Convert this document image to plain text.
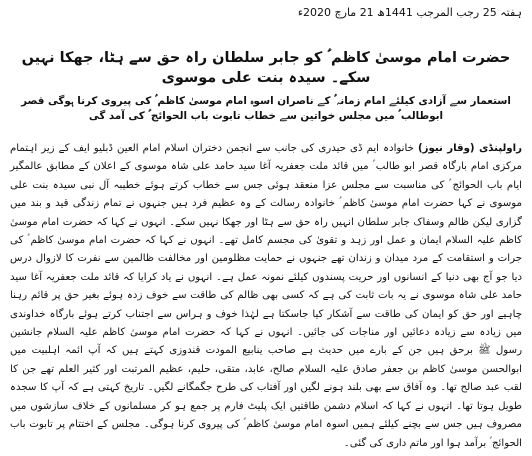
ہفتہ 25 رجب المرجب 1441ھ 21 مارچ 2020ء
حضرت امام موسیٰ کاظم ؑ کو جابر سلطان راہ حق سے ہٹا، جھکا نہیں سکے۔ سیدہ بنت علی موسوی
استعمار سے آزادی کیلئے امام زمانہ ؑ کے ناصران اسوہ امام موسیٰ کاظم ؑ کی پیروی کرنا ہوگی قصر ابوطالب ؑ میں مجلس خواتین سے خطاب تابوت باب الحوائج ؑ کی آمد گی
راولپنڈی (وقار نیوز) خانوادہ ایم ڈی حیدری کی جانب سے انجمن دختران اسلام امام العین ڈبلیو ایف کے زیر اہتمام مرکزی امام بارگاہ قصر ابو طالب ؑ میں قائد ملت جعفریہ آغا سید حامد علی شاہ موسوی کے اعلان کے مطابق عالمگیر ایام باب الحوائج ؑ کی مناسبت سے مجلس عزا منعقد ہوئی جس سے خطاب کرتے ہوئے خطیبہ آل نبی سیدہ بنت علی موسوی نے کہا حضرت امام موسیٰ کاظم ؑ خانوادہ رسالت کے وہ عظیم فرد ہیں جنہوں نے تمام زندگی قید و بند میں گزاری لیکن ظالم وسفاک جابر سلطان انہیں راہ حق سے ہٹا اور جھکا نہیں سکے۔ انہوں نے کہا کہ حضرت امام موسیٰ کاظم علیہ السلام ایمان و عمل اور زہد و تقویٰ کی مجسم کامل تھے۔ انہوں نے کہا کہ حضرت امام موسیٰ کاظم ؑ کی جرات و استقامت کے مرد میدان و زندان تھے جنہوں نے حمایت مظلومین اور مخالفت ظالمین سے نفرت کا لازوال درس دیا جو آج بھی دنیا کے انسانوں اور حریت پسندوں کیلئے نمونہ عمل ہے۔ انہوں نے یاد کرایا کہ قائد ملت جعفریہ آغا سید حامد علی شاہ موسوی نے یہ بات ثابت کی ہے کہ کسی بھی ظالم کی طاقت سے خوف زدہ ہوئے بغیر حق پر قائم رہنا چاہیے اور حق کو ایمان کی طاقت سے آشکار کیا جاسکتا ہے لہٰذا خوف و ہراس سے اجتناب کرتے ہوئے بارگاہ خداوندی میں زیادہ سے زیادہ دعائیں اور مناجات کی جائیں۔ انہوں نے کہا کہ حضرت امام موسیٰ کاظم علیہ السلام جانشین رسول ﷺ برحق ہیں جن کے بارے میں حدیث ہے صاحب ینابیع المودت قندوزی کہتے ہیں کہ آپ ائمہ اہلبیت میں ابوالحسن موسیٰ کاظم بن جعفر صادق علیہ السلام صالح، عابد، متقی، حلیم، عظیم المرتبت اور کثیر العلم تھے جن کا لقب عبد صالح تھا۔ وہ آفاق سے بھی بلند ہونے لگیں اور آفتاب کی طرح جگمگانے لگیں۔ تاریخ کہتی ہے کہ آپ کا سجدہ طویل ہوتا تھا۔ انہوں نے کہا کہ اسلام دشمن طاقتیں ایک پلیٹ فارم پر جمع ہو کر مسلمانوں کے خلاف سازشوں میں مصروف ہیں جس سے بچنے کیلئے ہمیں اسوہ امام موسیٰ کاظم ؑ کی پیروی کرنا ہوگی۔ مجلس کے اختتام پر تابوت باب الحوائج ؑ برآمد ہوا اور ماتم داری کی گئی۔
